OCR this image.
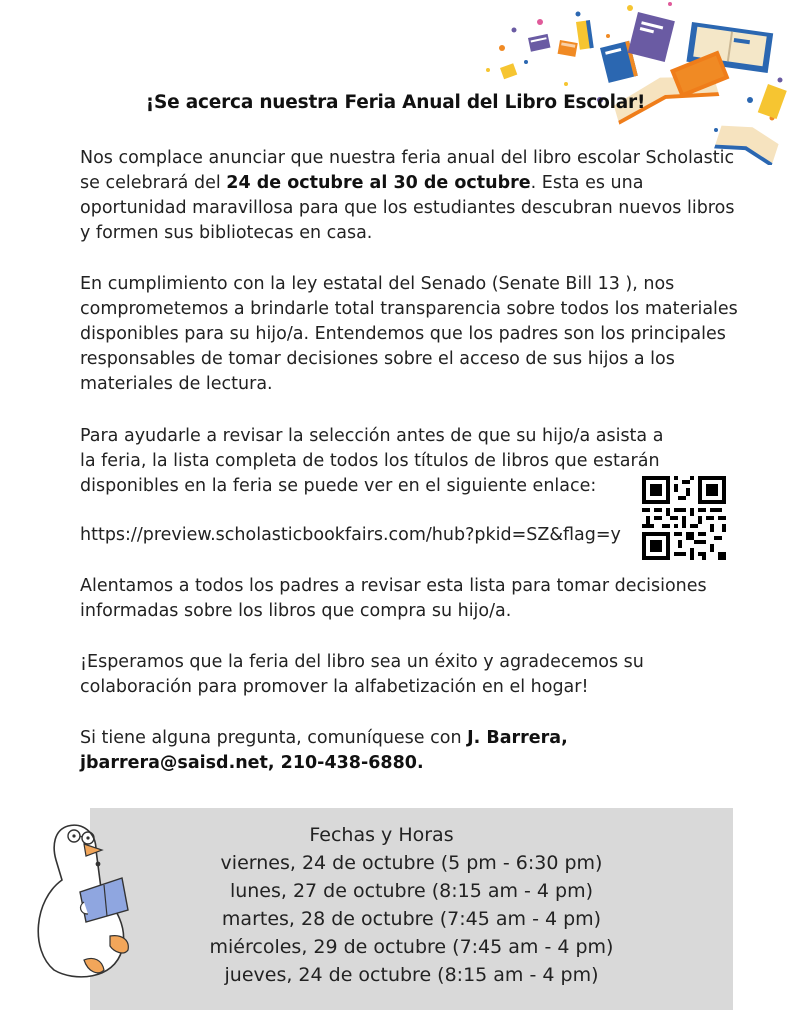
¡Se acerca nuestra Feria Anual del Libro Escolar!

Nos complace anunciar que nuestra feria anual del libro escolar Scholastic se celebrará del 24 de octubre al 30 de octubre. Esta es una oportunidad maravillosa para que los estudiantes descubran nuevos libros y formen sus bibliotecas en casa.

En cumplimiento con la ley estatal del Senado (Senate Bill 13 ), nos comprometemos a brindarle total transparencia sobre todos los materiales disponibles para su hijo/a. Entendemos que los padres son los principales responsables de tomar decisiones sobre el acceso de sus hijos a los materiales de lectura.

Para ayudarle a revisar la selección antes de que su hijo/a asista a la feria, la lista completa de todos los títulos de libros que estarán disponibles en la feria se puede ver en el siguiente enlace:

https://preview.scholasticbookfairs.com/hub?pkid=SZ&flag=y

Alentamos a todos los padres a revisar esta lista para tomar decisiones informadas sobre los libros que compra su hijo/a.

¡Esperamos que la feria del libro sea un éxito y agradecemos su colaboración para promover la alfabetización en el hogar!

Si tiene alguna pregunta, comuníquese con J. Barrera, jbarrera@saisd.net, 210-438-6880.

Fechas y Horas
viernes, 24 de octubre (5 pm - 6:30 pm)
lunes, 27 de octubre (8:15 am - 4 pm)
martes, 28 de octubre (7:45 am - 4 pm)
miércoles, 29 de octubre (7:45 am - 4 pm)
jueves, 24 de octubre (8:15 am - 4 pm)
